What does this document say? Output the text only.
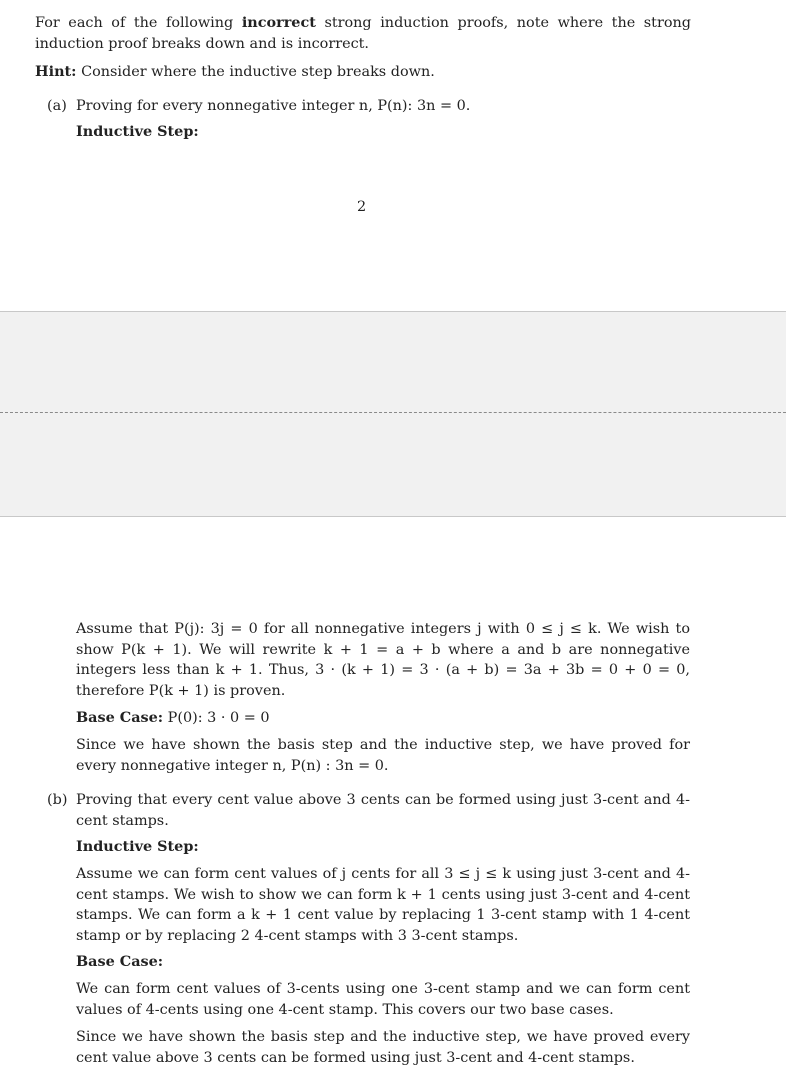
For each of the following incorrect strong induction proofs, note where the strong induction proof breaks down and is incorrect.

Hint: Consider where the inductive step breaks down.

(a) Proving for every nonnegative integer n, P(n): 3n = 0.

Inductive Step:

2

Assume that P(j): 3j = 0 for all nonnegative integers j with 0 ≤ j ≤ k. We wish to show P(k + 1). We will rewrite k + 1 = a + b where a and b are nonnegative integers less than k + 1. Thus, 3 · (k + 1) = 3 · (a + b) = 3a + 3b = 0 + 0 = 0, therefore P(k + 1) is proven.

Base Case: P(0): 3 · 0 = 0

Since we have shown the basis step and the inductive step, we have proved for every nonnegative integer n, P(n) : 3n = 0.

(b) Proving that every cent value above 3 cents can be formed using just 3-cent and 4-cent stamps.

Inductive Step:

Assume we can form cent values of j cents for all 3 ≤ j ≤ k using just 3-cent and 4-cent stamps. We wish to show we can form k + 1 cents using just 3-cent and 4-cent stamps. We can form a k + 1 cent value by replacing 1 3-cent stamp with 1 4-cent stamp or by replacing 2 4-cent stamps with 3 3-cent stamps.

Base Case:

We can form cent values of 3-cents using one 3-cent stamp and we can form cent values of 4-cents using one 4-cent stamp. This covers our two base cases.

Since we have shown the basis step and the inductive step, we have proved every cent value above 3 cents can be formed using just 3-cent and 4-cent stamps.
